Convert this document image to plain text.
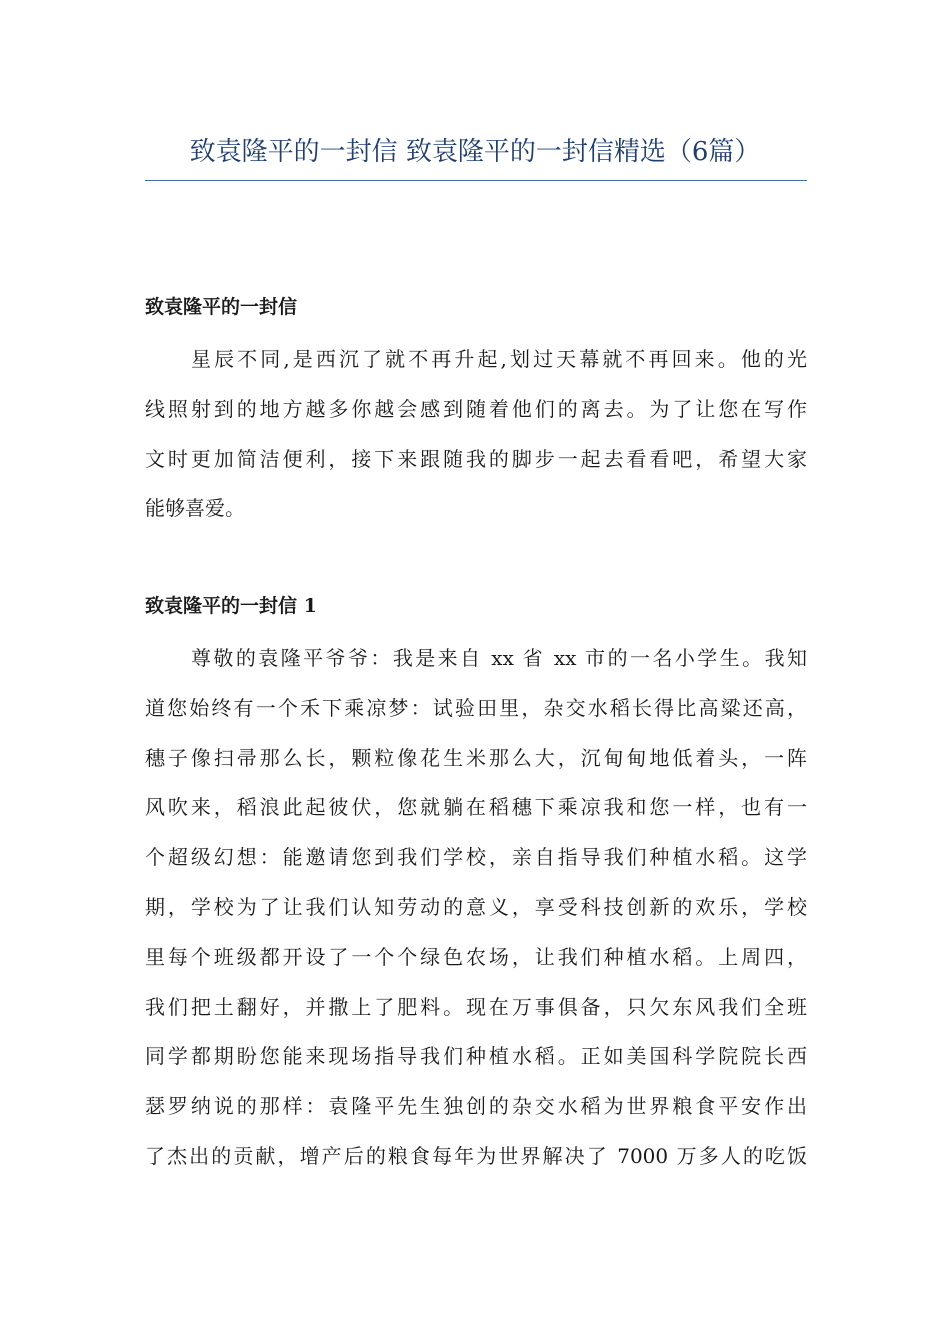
致袁隆平的一封信 致袁隆平的一封信精选（6篇）
致袁隆平的一封信
星辰不同,是西沉了就不再升起,划过天幕就不再回来。他的光
线照射到的地方越多你越会感到随着他们的离去。为了让您在写作
文时更加简洁便利，接下来跟随我的脚步一起去看看吧，希望大家
能够喜爱。
致袁隆平的一封信 1
尊敬的袁隆平爷爷：我是来自 xx 省 xx 市的一名小学生。我知
道您始终有一个禾下乘凉梦：试验田里，杂交水稻长得比高粱还高，
穗子像扫帚那么长，颗粒像花生米那么大，沉甸甸地低着头，一阵
风吹来，稻浪此起彼伏，您就躺在稻穗下乘凉我和您一样，也有一
个超级幻想：能邀请您到我们学校，亲自指导我们种植水稻。这学
期，学校为了让我们认知劳动的意义，享受科技创新的欢乐，学校
里每个班级都开设了一个个绿色农场，让我们种植水稻。上周四，
我们把土翻好，并撒上了肥料。现在万事俱备，只欠东风我们全班
同学都期盼您能来现场指导我们种植水稻。正如美国科学院院长西
瑟罗纳说的那样：袁隆平先生独创的杂交水稻为世界粮食平安作出
了杰出的贡献，增产后的粮食每年为世界解决了 7000 万多人的吃饭
